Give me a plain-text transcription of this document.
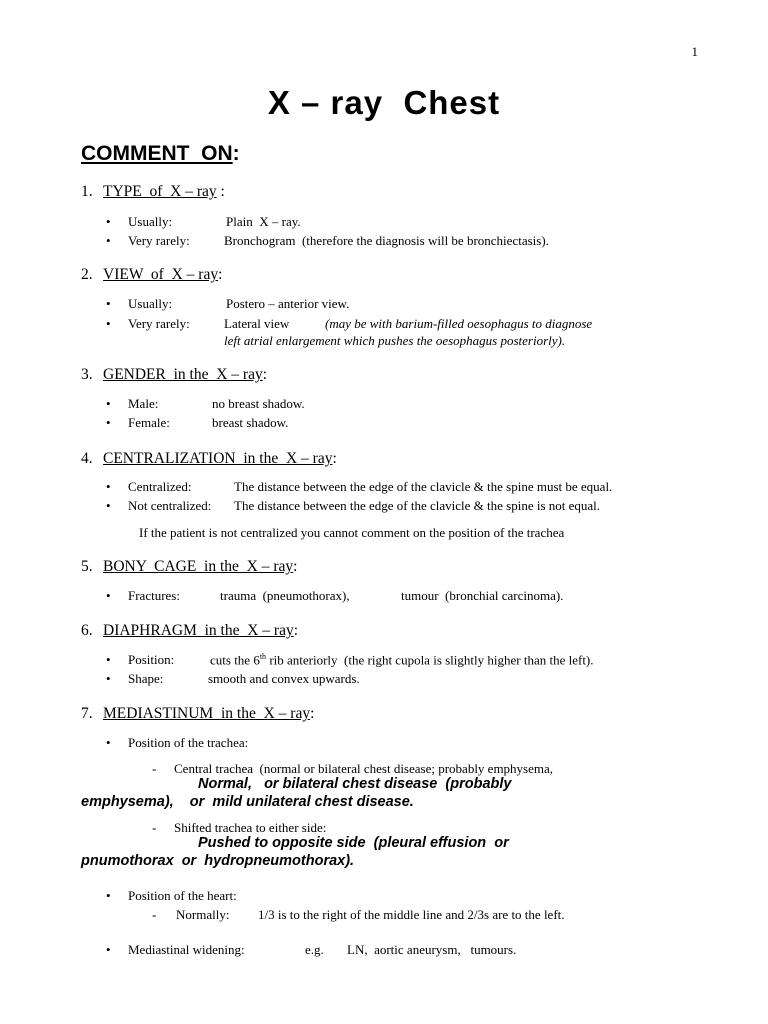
1
X – ray  Chest
COMMENT  ON:
1. TYPE  of  X – ray :
• Usually:	Plain  X – ray.
• Very rarely:	Bronchogram  (therefore the diagnosis will be bronchiectasis).
2. VIEW  of  X – ray:
• Usually:	Postero – anterior view.
• Very rarely:	Lateral view	(may be with barium-filled oesophagus to diagnose
left atrial enlargement which pushes the oesophagus posteriorly).
3. GENDER  in the  X – ray:
• Male:	no breast shadow.
• Female:	breast shadow.
4. CENTRALIZATION  in the  X – ray:
• Centralized:	The distance between the edge of the clavicle & the spine must be equal.
• Not centralized: The distance between the edge of the clavicle & the spine is not equal.
If the patient is not centralized you cannot comment on the position of the trachea
5. BONY  CAGE  in the  X – ray:
• Fractures:	trauma  (pneumothorax),	tumour  (bronchial carcinoma).
6. DIAPHRAGM  in the  X – ray:
• Position:	cuts the 6th rib anteriorly  (the right cupola is slightly higher than the left).
• Shape:	smooth and convex upwards.
7. MEDIASTINUM  in the  X – ray:
• Position of the trachea:
- Central trachea  (normal or bilateral chest disease; probably emphysema,
Normal,   or bilateral chest disease  (probably
emphysema),    or  mild unilateral chest disease.
- Shifted trachea to either side:
Pushed to opposite side  (pleural effusion  or
pnumothorax  or  hydropneumothorax).
• Position of the heart:
- Normally: 1/3 is to the right of the middle line and 2/3s are to the left.
• Mediastinal widening:	e.g. LN,  aortic aneurysm,   tumours.
